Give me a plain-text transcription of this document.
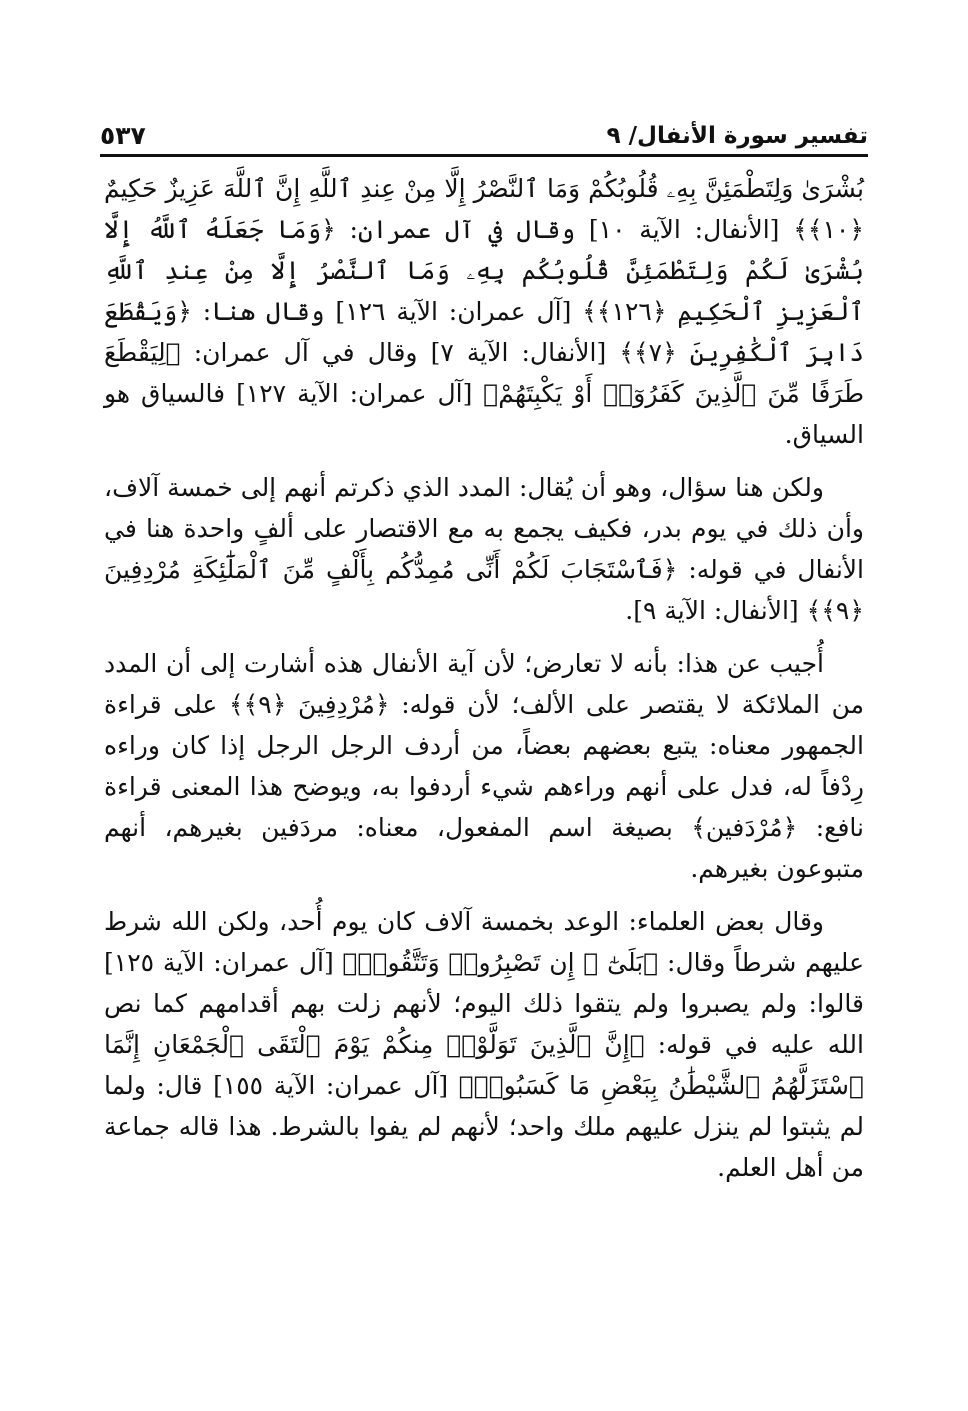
تفسير سورة الأنفال/ ٩
٥٣٧

بُشْرَىٰ وَلِتَطْمَئِنَّ بِهِۦ قُلُوبُكُمْ وَمَا ٱلنَّصْرُ إِلَّا مِنْ عِندِ ٱللَّهِ إِنَّ ٱللَّهَ عَزِيزٌ حَكِيمٌ ﴿١٠﴾﴾ [الأنفال: الآية ١٠] وقال في آل عمران: ﴿وَمَا جَعَلَهُ ٱللَّهُ إِلَّا بُشْرَىٰ لَكُمْ وَلِتَطْمَئِنَّ قُلُوبُكُم بِهِۦ وَمَا ٱلنَّصْرُ إِلَّا مِنْ عِندِ ٱللَّهِ ٱلْعَزِيزِ ٱلْحَكِيمِ ﴿١٢٦﴾﴾ [آل عمران: الآية ١٢٦] وقال هنا: ﴿وَيَقْطَعَ دَابِرَ ٱلْكَٰفِرِينَ ﴿٧﴾﴾ [الأنفال: الآية ٧] وقال في آل عمران: ﴿لِيَقْطَعَ طَرَفًا مِّنَ ٱلَّذِينَ كَفَرُوٓا۟ أَوْ يَكْبِتَهُمْ﴾ [آل عمران: الآية ١٢٧] فالسياق هو السياق.

ولكن هنا سؤال، وهو أن يُقال: المدد الذي ذكرتم أنهم إلى خمسة آلاف، وأن ذلك في يوم بدر، فكيف يجمع به مع الاقتصار على ألفٍ واحدة هنا في الأنفال في قوله: ﴿فَٱسْتَجَابَ لَكُمْ أَنِّى مُمِدُّكُم بِأَلْفٍ مِّنَ ٱلْمَلَٰٓئِكَةِ مُرْدِفِينَ ﴿٩﴾﴾ [الأنفال: الآية ٩].

أُجيب عن هذا: بأنه لا تعارض؛ لأن آية الأنفال هذه أشارت إلى أن المدد من الملائكة لا يقتصر على الألف؛ لأن قوله: ﴿مُرْدِفِينَ ﴿٩﴾﴾ على قراءة الجمهور معناه: يتبع بعضهم بعضاً، من أردف الرجل الرجل إذا كان وراءه رِدْفاً له، فدل على أنهم وراءهم شيء أردفوا به، ويوضح هذا المعنى قراءة نافع: ﴿مُرْدَفين﴾ بصيغة اسم المفعول، معناه: مردَفين بغيرهم، أنهم متبوعون بغيرهم.

وقال بعض العلماء: الوعد بخمسة آلاف كان يوم أُحد، ولكن الله شرط عليهم شرطاً وقال: ﴿بَلَىٰٓ ۚ إِن تَصْبِرُوا۟ وَتَتَّقُوا۟﴾ [آل عمران: الآية ١٢٥] قالوا: ولم يصبروا ولم يتقوا ذلك اليوم؛ لأنهم زلت بهم أقدامهم كما نص الله عليه في قوله: ﴿إِنَّ ٱلَّذِينَ تَوَلَّوْا۟ مِنكُمْ يَوْمَ ٱلْتَقَى ٱلْجَمْعَانِ إِنَّمَا ٱسْتَزَلَّهُمُ ٱلشَّيْطَٰنُ بِبَعْضِ مَا كَسَبُوا۟﴾ [آل عمران: الآية ١٥٥] قال: ولما لم يثبتوا لم ينزل عليهم ملك واحد؛ لأنهم لم يفوا بالشرط. هذا قاله جماعة من أهل العلم.
